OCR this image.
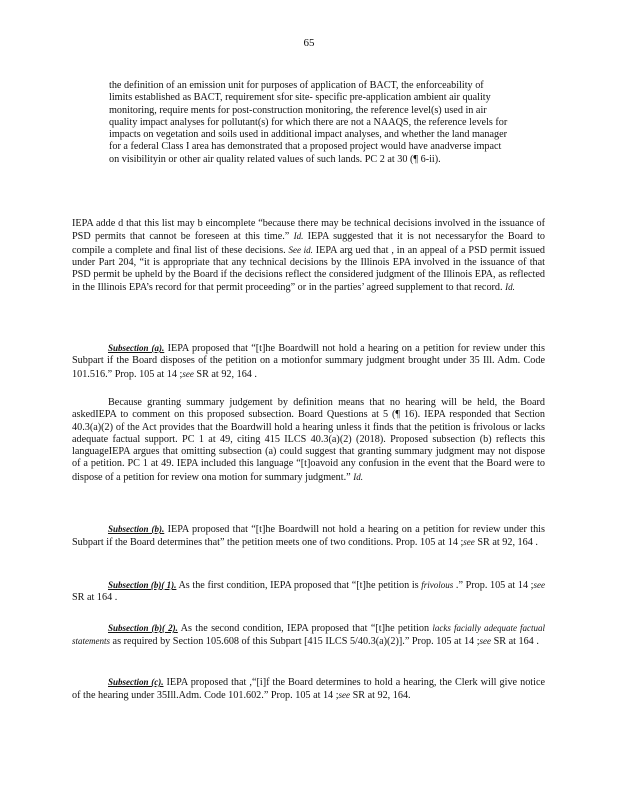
65

the definition of an emission unit for purposes of application of BACT, the enforceability of limits established as BACT, requirement sfor site- specific pre-application ambient air quality monitoring, require ments for post-construction monitoring, the reference level(s) used in air quality impact analyses for pollutant(s) for which there are not a NAAQS, the reference levels for impacts on vegetation and soils used in additional impact analyses, and whether the land manager for a federal Class I area has demonstrated that a proposed project would have anadverse impact on visibilityin or other air quality related values of such lands. PC 2 at 30 (¶ 6-ii).

IEPA adde d that this list may b eincomplete “because there may be technical decisions involved in the issuance of PSD permits that cannot be foreseen at this time.” Id. IEPA suggested that it is not necessaryfor the Board to compile a complete and final list of these decisions. See id. IEPA arg ued that , in an appeal of a PSD permit issued under Part 204, “it is appropriate that any technical decisions by the Illinois EPA involved in the issuance of that PSD permit be upheld by the Board if the decisions reflect the considered judgment of the Illinois EPA, as reflected in the Illinois EPA’s record for that permit proceeding” or in the parties’ agreed supplement to that record. Id.

Subsection (a). IEPA proposed that “[t]he Boardwill not hold a hearing on a petition for review under this Subpart if the Board disposes of the petition on a motionfor summary judgment brought under 35 Ill. Adm. Code 101.516.” Prop. 105 at 14 ;see SR at 92, 164 .

Because granting summary judgement by definition means that no hearing will be held, the Board askedIEPA to comment on this proposed subsection. Board Questions at 5 (¶ 16). IEPA responded that Section 40.3(a)(2) of the Act provides that the Boardwill hold a hearing unless it finds that the petition is frivolous or lacks adequate factual support. PC 1 at 49, citing 415 ILCS 40.3(a)(2) (2018). Proposed subsection (b) reflects this languageIEPA argues that omitting subsection (a) could suggest that granting summary judgment may not dispose of a petition. PC 1 at 49. IEPA included this language “[t]oavoid any confusion in the event that the Board were to dispose of a petition for review ona motion for summary judgment.” Id.

Subsection (b). IEPA proposed that “[t]he Boardwill not hold a hearing on a petition for review under this Subpart if the Board determines that” the petition meets one of two conditions. Prop. 105 at 14 ;see SR at 92, 164 .

Subsection (b)( 1). As the first condition, IEPA proposed that “[t]he petition is frivolous .” Prop. 105 at 14 ;see SR at 164 .

Subsection (b)( 2). As the second condition, IEPA proposed that “[t]he petition lacks facially adequate factual statements as required by Section 105.608 of this Subpart [415 ILCS 5/40.3(a)(2)].” Prop. 105 at 14 ;see SR at 164 .

Subsection (c). IEPA proposed that ,“[i]f the Board determines to hold a hearing, the Clerk will give notice of the hearing under 35Ill.Adm. Code 101.602.” Prop. 105 at 14 ;see SR at 92, 164.
